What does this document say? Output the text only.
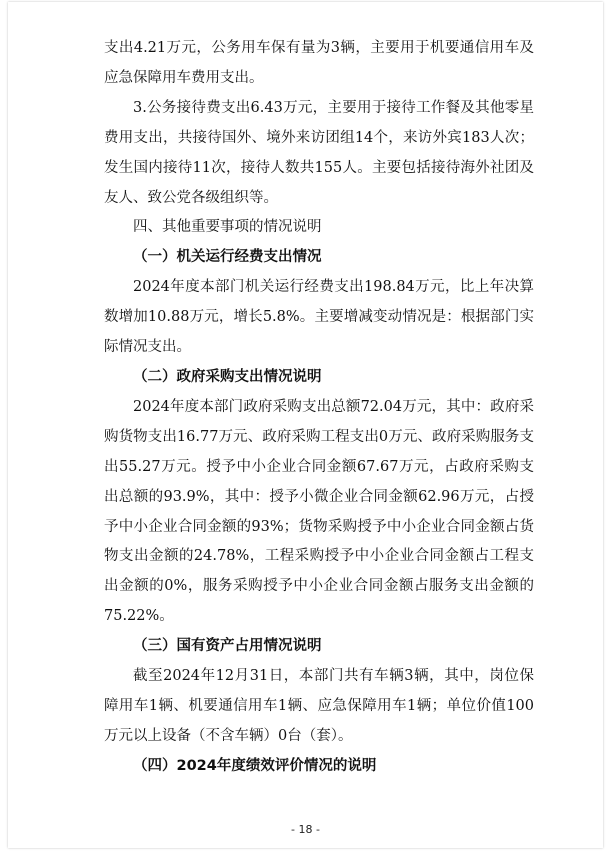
支出4.21万元，公务用车保有量为3辆，主要用于机要通信用车及应急保障用车费用支出。

3.公务接待费支出6.43万元，主要用于接待工作餐及其他零星费用支出，共接待国外、境外来访团组14个，来访外宾183人次；发生国内接待11次，接待人数共155人。主要包括接待海外社团及友人、致公党各级组织等。

四、其他重要事项的情况说明

（一）机关运行经费支出情况

2024年度本部门机关运行经费支出198.84万元，比上年决算数增加10.88万元，增长5.8%。主要增减变动情况是：根据部门实际情况支出。

（二）政府采购支出情况说明

2024年度本部门政府采购支出总额72.04万元，其中：政府采购货物支出16.77万元、政府采购工程支出0万元、政府采购服务支出55.27万元。授予中小企业合同金额67.67万元，占政府采购支出总额的93.9%，其中：授予小微企业合同金额62.96万元，占授予中小企业合同金额的93%；货物采购授予中小企业合同金额占货物支出金额的24.78%，工程采购授予中小企业合同金额占工程支出金额的0%，服务采购授予中小企业合同金额占服务支出金额的75.22%。

（三）国有资产占用情况说明

截至2024年12月31日，本部门共有车辆3辆，其中，岗位保障用车1辆、机要通信用车1辆、应急保障用车1辆；单位价值100万元以上设备（不含车辆）0台（套）。

（四）2024年度绩效评价情况的说明

- 18 -
